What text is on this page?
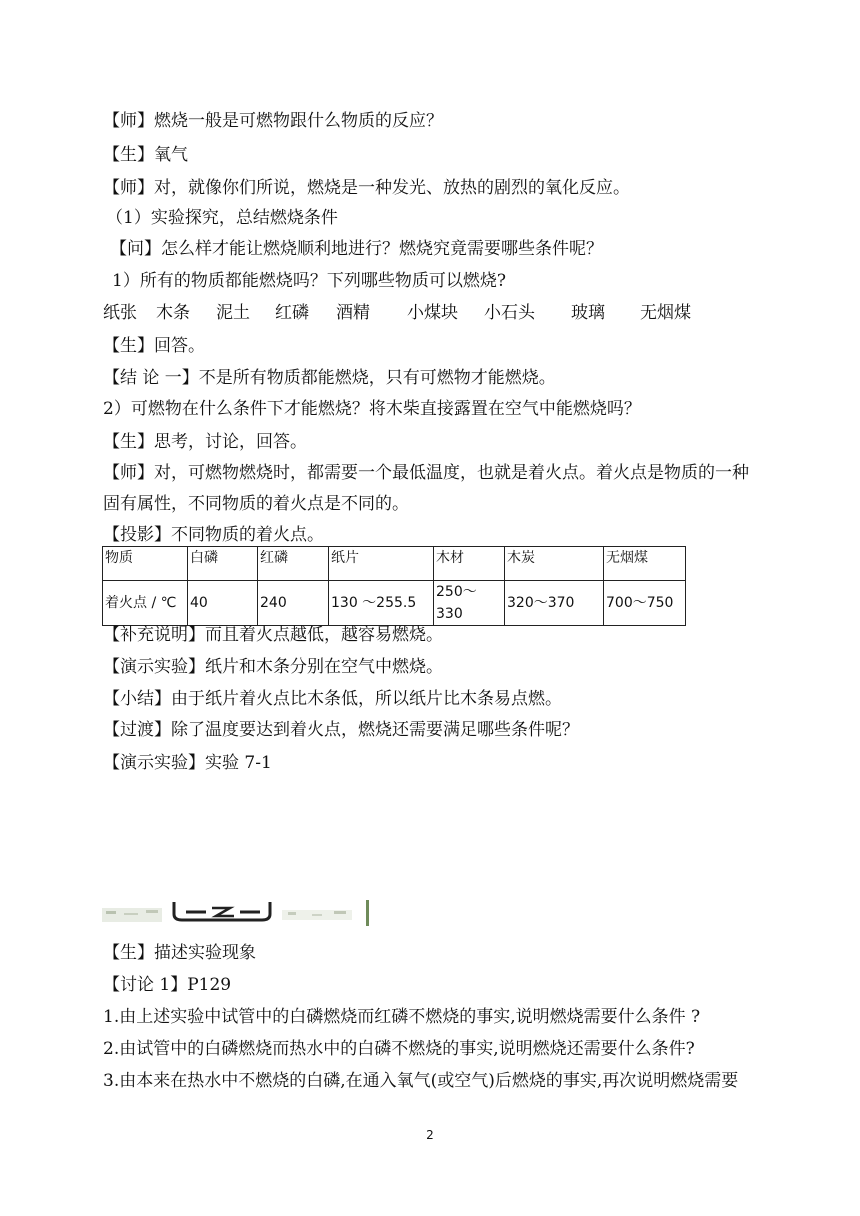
【师】燃烧一般是可燃物跟什么物质的反应？
【生】氧气
【师】对，就像你们所说，燃烧是一种发光、放热的剧烈的氧化反应。
（1）实验探究，总结燃烧条件
【问】怎么样才能让燃烧顺利地进行？燃烧究竟需要哪些条件呢？
1）所有的物质都能燃烧吗？下列哪些物质可以燃烧?
纸张 木条 泥土 红磷 酒精 小煤块 小石头 玻璃 无烟煤
【生】回答。
【结 论 一】不是所有物质都能燃烧，只有可燃物才能燃烧。
2）可燃物在什么条件下才能燃烧？将木柴直接露置在空气中能燃烧吗？
【生】思考，讨论，回答。
【师】对，可燃物燃烧时，都需要一个最低温度，也就是着火点。着火点是物质的一种
固有属性，不同物质的着火点是不同的。
【投影】不同物质的着火点。
物质	白磷	红磷	纸片	木材	木炭	无烟煤
着火点 / ℃	40	240	130 ～255.5	250～330	320～370	700～750
【补充说明】而且着火点越低，越容易燃烧。
【演示实验】纸片和木条分别在空气中燃烧。
【小结】由于纸片着火点比木条低，所以纸片比木条易点燃。
【过渡】除了温度要达到着火点，燃烧还需要满足哪些条件呢？
【演示实验】实验 7-1
【生】描述实验现象
【讨论 1】P129
1.由上述实验中试管中的白磷燃烧而红磷不燃烧的事实,说明燃烧需要什么条件 ?
2.由试管中的白磷燃烧而热水中的白磷不燃烧的事实,说明燃烧还需要什么条件?
3.由本来在热水中不燃烧的白磷,在通入氧气(或空气)后燃烧的事实,再次说明燃烧需要
2
